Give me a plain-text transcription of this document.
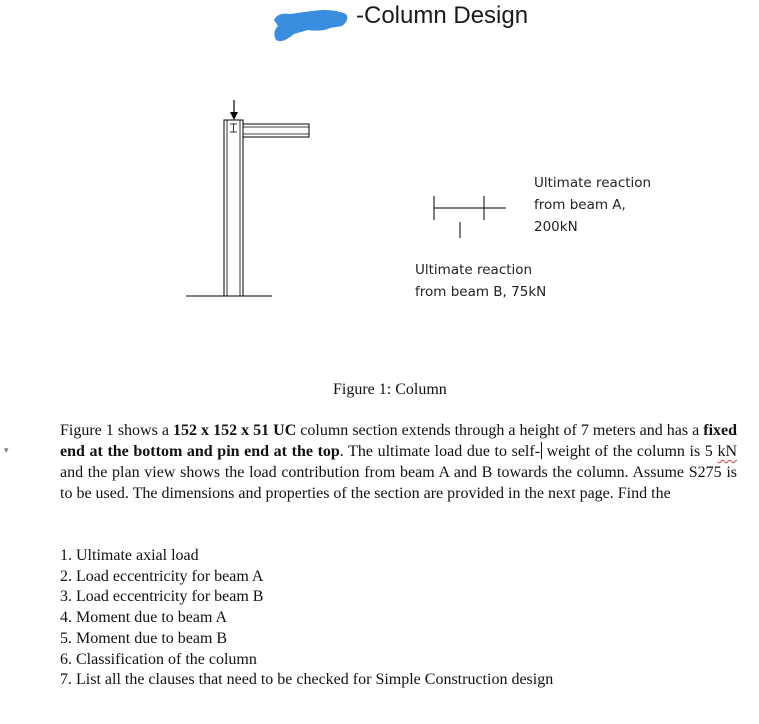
-Column Design
Ultimate reaction
from beam A,
200kN
Ultimate reaction
from beam B, 75kN
Figure 1: Column
▾
Figure 1 shows a 152 x 152 x 51 UC column section extends through a height of 7 meters and has a fixed end at the bottom and pin end at the top. The ultimate load due to self- weight of the column is 5 kN and the plan view shows the load contribution from beam A and B towards the column. Assume S275 is to be used. The dimensions and properties of the section are provided in the next page. Find the
1. Ultimate axial load
2. Load eccentricity for beam A
3. Load eccentricity for beam B
4. Moment due to beam A
5. Moment due to beam B
6. Classification of the column
7. List all the clauses that need to be checked for Simple Construction design
